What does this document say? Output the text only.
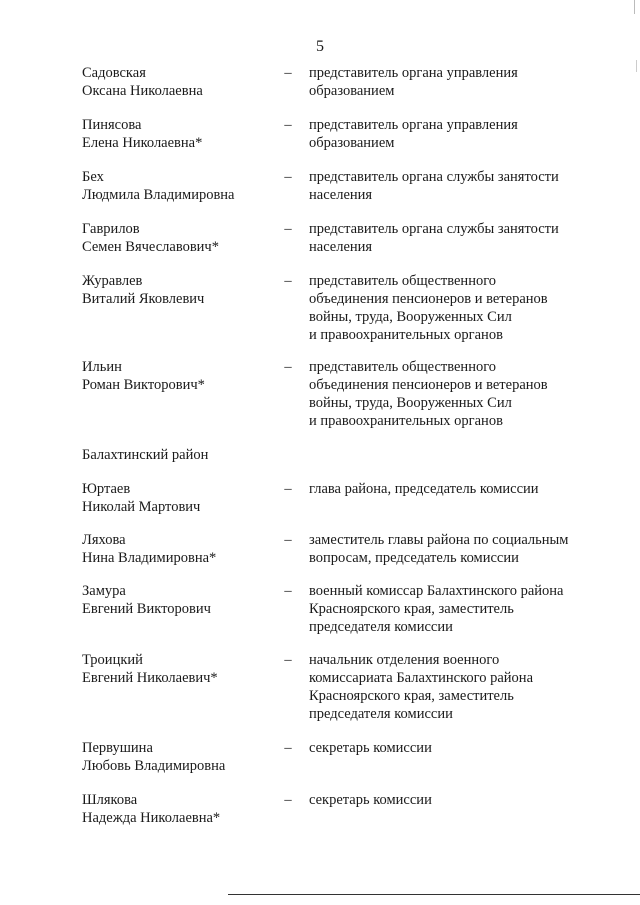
5
Садовская
Оксана Николаевна
– представитель органа управления
образованием
Пинясова
Елена Николаевна*
– представитель органа управления
образованием
Бех
Людмила Владимировна
– представитель органа службы занятости
населения
Гаврилов
Семен Вячеславович*
– представитель органа службы занятости
населения
Журавлев
Виталий Яковлевич
– представитель общественного
объединения пенсионеров и ветеранов
войны, труда, Вооруженных Сил
и правоохранительных органов
Ильин
Роман Викторович*
– представитель общественного
объединения пенсионеров и ветеранов
войны, труда, Вооруженных Сил
и правоохранительных органов
Балахтинский район
Юртаев
Николай Мартович
– глава района, председатель комиссии
Ляхова
Нина Владимировна*
– заместитель главы района по социальным
вопросам, председатель комиссии
Замура
Евгений Викторович
– военный комиссар Балахтинского района
Красноярского края, заместитель
председателя комиссии
Троицкий
Евгений Николаевич*
– начальник отделения военного
комиссариата Балахтинского района
Красноярского края, заместитель
председателя комиссии
Первушина
Любовь Владимировна
– секретарь комиссии
Шлякова
Надежда Николаевна*
– секретарь комиссии
